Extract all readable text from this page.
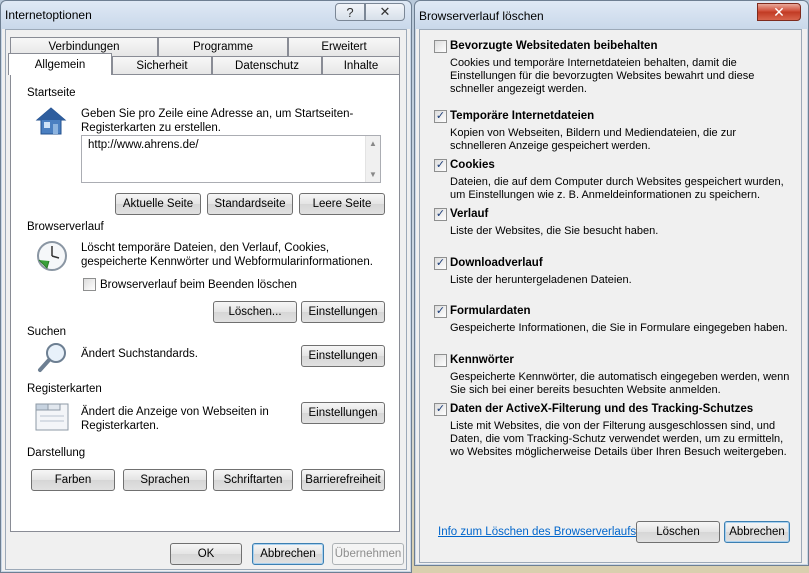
Internetoptionen	? ✕
Verbindungen	Programme	Erweitert
Allgemein	Sicherheit	Datenschutz	Inhalte
Startseite
Geben Sie pro Zeile eine Adresse an, um Startseiten-Registerkarten zu erstellen.
http://www.ahrens.de/	▲
▼
Aktuelle Seite Standardseite Leere Seite
Browserverlauf
Löscht temporäre Dateien, den Verlauf, Cookies, gespeicherte Kennwörter und Webformularinformationen.
Browserverlauf beim Beenden löschen
Löschen... Einstellungen
Suchen
Ändert Suchstandards.	Einstellungen
Registerkarten
Ändert die Anzeige von Webseiten in Registerkarten.
Einstellungen
Darstellung
Farben	Sprachen	Schriftarten Barrierefreiheit
OK	Abbrechen Übernehmen
Browserverlauf löschen	✕
Bevorzugte Websitedaten beibehalten
Cookies und temporäre Internetdateien behalten, damit die Einstellungen für die bevorzugten Websites bewahrt und diese schneller angezeigt werden.
✓ Temporäre Internetdateien
Kopien von Webseiten, Bildern und Mediendateien, die zur schnelleren Anzeige gespeichert werden.
✓ Cookies
Dateien, die auf dem Computer durch Websites gespeichert wurden, um Einstellungen wie z. B. Anmeldeinformationen zu speichern.
✓ Verlauf
Liste der Websites, die Sie besucht haben.
✓ Downloadverlauf
Liste der heruntergeladenen Dateien.
✓ Formulardaten
Gespeicherte Informationen, die Sie in Formulare eingegeben haben.
Kennwörter
Gespeicherte Kennwörter, die automatisch eingegeben werden, wenn Sie sich bei einer bereits besuchten Website anmelden.
✓ Daten der ActiveX-Filterung und des Tracking-Schutzes
Liste mit Websites, die von der Filterung ausgeschlossen sind, und Daten, die vom Tracking-Schutz verwendet werden, um zu ermitteln, wo Websites möglicherweise Details über Ihren Besuch weitergeben.
Info zum Löschen des Browserverlaufs Löschen	Abbrechen
